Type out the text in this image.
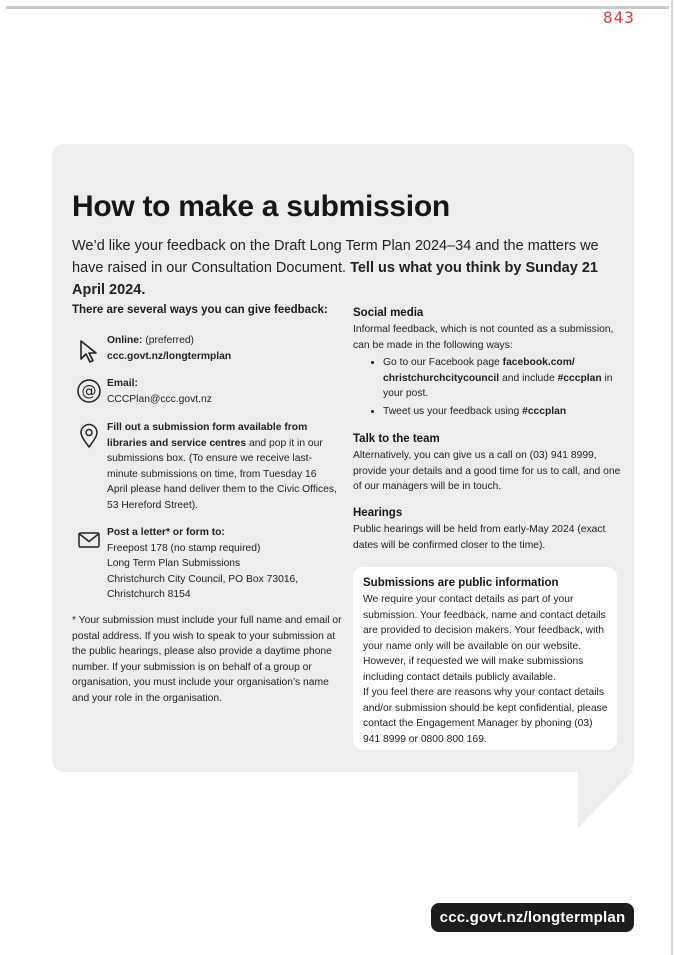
843
How to make a submission
We’d like your feedback on the Draft Long Term Plan 2024–34 and the matters we have raised in our Consultation Document. Tell us what you think by Sunday 21 April 2024.
There are several ways you can give feedback:
Online: (preferred)
ccc.govt.nz/longtermplan
@ Email:
CCCPlan@ccc.govt.nz
Fill out a submission form available from libraries and service centres and pop it in our submissions box. (To ensure we receive last-minute submissions on time, from Tuesday 16 April please hand deliver them to the Civic Offices, 53 Hereford Street).
Post a letter* or form to:
Freepost 178 (no stamp required)
Long Term Plan Submissions
Christchurch City Council, PO Box 73016,
Christchurch 8154
* Your submission must include your full name and email or postal address. If you wish to speak to your submission at the public hearings, please also provide a daytime phone number. If your submission is on behalf of a group or organisation, you must include your organisation’s name and your role in the organisation.
Social media

Informal feedback, which is not counted as a submission, can be made in the following ways:

• Go to our Facebook page facebook.com/ christchurchcitycouncil and include #cccplan in your post.
• Tweet us your feedback using #cccplan
Talk to the team

Alternatively, you can give us a call on (03) 941 8999, provide your details and a good time for us to call, and one of our managers will be in touch.

Hearings

Public hearings will be held from early-May 2024 (exact dates will be confirmed closer to the time).

Submissions are public information
We require your contact details as part of your submission. Your feedback, name and contact details are provided to decision makers. Your feedback, with your name only will be available on our website. However, if requested we will make submissions including contact details publicly available.
If you feel there are reasons why your contact details and/or submission should be kept confidential, please contact the Engagement Manager by phoning (03) 941 8999 or 0800 800 169.
ccc.govt.nz/longtermplan
